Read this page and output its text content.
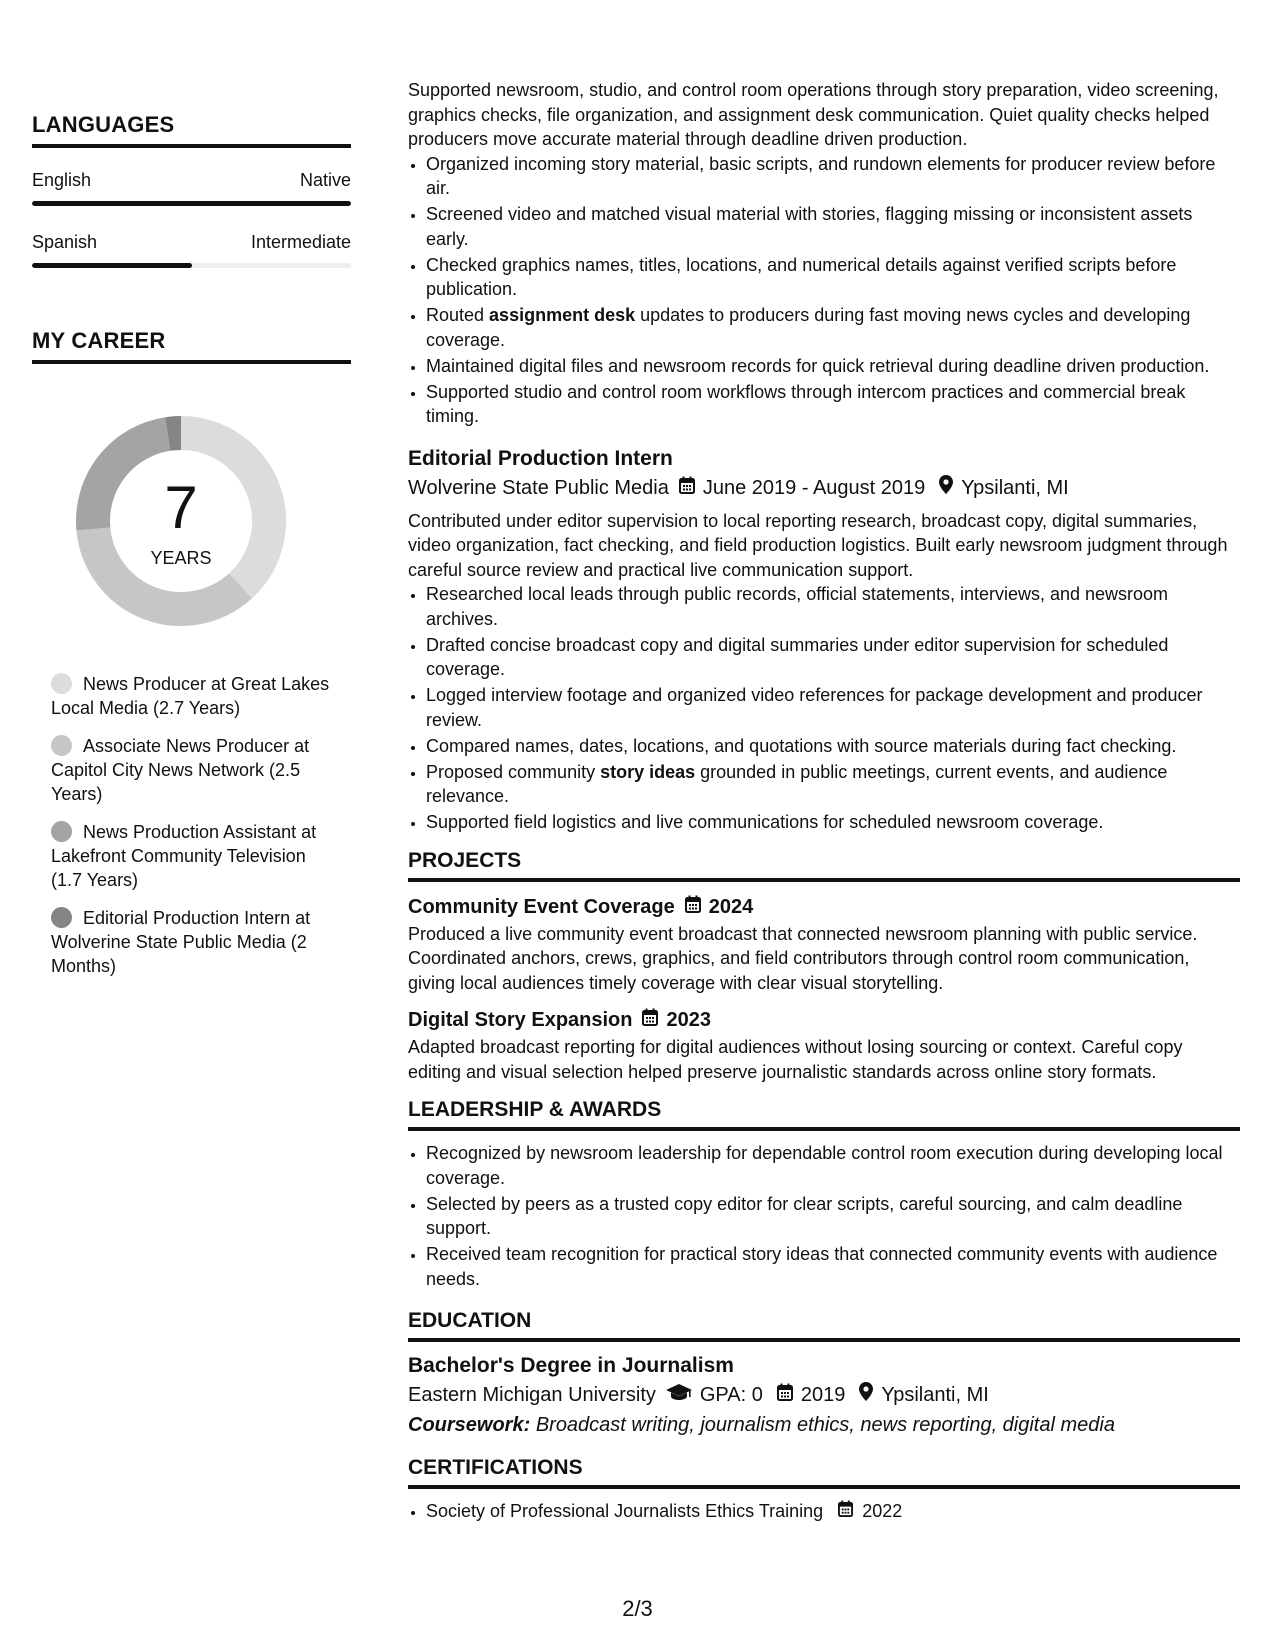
LANGUAGES
English	Native
Spanish	Intermediate
MY CAREER
7
YEARS
News Producer at Great Lakes Local Media (2.7 Years)
Associate News Producer at Capitol City News Network (2.5 Years)
News Production Assistant at Lakefront Community Television (1.7 Years)
Editorial Production Intern at Wolverine State Public Media (2 Months)

Supported newsroom, studio, and control room operations through story preparation, video screening, graphics checks, file organization, and assignment desk communication. Quiet quality checks helped producers move accurate material through deadline driven production.

• Organized incoming story material, basic scripts, and rundown elements for producer review before air.
• Screened video and matched visual material with stories, flagging missing or inconsistent assets early.
• Checked graphics names, titles, locations, and numerical details against verified scripts before publication.
• Routed assignment desk updates to producers during fast moving news cycles and developing coverage.
• Maintained digital files and newsroom records for quick retrieval during deadline driven production.
• Supported studio and control room workflows through intercom practices and commercial break timing.
Editorial Production Intern
Wolverine State Public Media June 2019 - August 2019 Ypsilanti, MI

Contributed under editor supervision to local reporting research, broadcast copy, digital summaries, video organization, fact checking, and field production logistics. Built early newsroom judgment through careful source review and practical live communication support.

• Researched local leads through public records, official statements, interviews, and newsroom archives.
• Drafted concise broadcast copy and digital summaries under editor supervision for scheduled coverage.
• Logged interview footage and organized video references for package development and producer review.
• Compared names, dates, locations, and quotations with source materials during fact checking.
• Proposed community story ideas grounded in public meetings, current events, and audience relevance.
• Supported field logistics and live communications for scheduled newsroom coverage.
PROJECTS
Community Event Coverage 2024

Produced a live community event broadcast that connected newsroom planning with public service. Coordinated anchors, crews, graphics, and field contributors through control room communication, giving local audiences timely coverage with clear visual storytelling.

Digital Story Expansion 2023

Adapted broadcast reporting for digital audiences without losing sourcing or context. Careful copy editing and visual selection helped preserve journalistic standards across online story formats.

LEADERSHIP & AWARDS
• Recognized by newsroom leadership for dependable control room execution during developing local coverage.
• Selected by peers as a trusted copy editor for clear scripts, careful sourcing, and calm deadline support.
• Received team recognition for practical story ideas that connected community events with audience needs.
EDUCATION
Bachelor's Degree in Journalism
Eastern Michigan University GPA: 0 2019 Ypsilanti, MI
Coursework: Broadcast writing, journalism ethics, news reporting, digital media
CERTIFICATIONS
• Society of Professional Journalists Ethics Training 2022
2/3
